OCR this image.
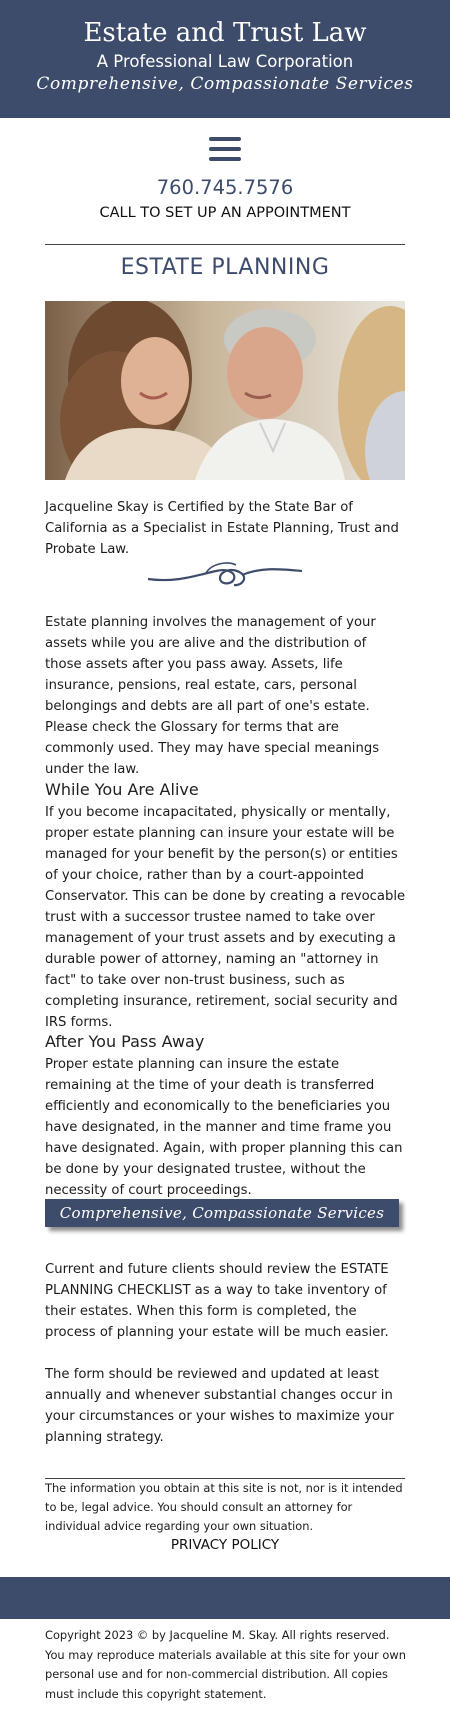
Estate and Trust Law
A Professional Law Corporation
Comprehensive, Compassionate Services
760.745.7576
CALL TO SET UP AN APPOINTMENT
ESTATE PLANNING

Jacqueline Skay is Certified by the State Bar of California as a Specialist in Estate Planning, Trust and Probate Law.

Estate planning involves the management of your assets while you are alive and the distribution of those assets after you pass away. Assets, life insurance, pensions, real estate, cars, personal belongings and debts are all part of one's estate. Please check the Glossary for terms that are commonly used. They may have special meanings under the law.

While You Are Alive

If you become incapacitated, physically or mentally, proper estate planning can insure your estate will be managed for your benefit by the person(s) or entities of your choice, rather than by a court-appointed Conservator. This can be done by creating a revocable trust with a successor trustee named to take over management of your trust assets and by executing a durable power of attorney, naming an "attorney in fact" to take over non-trust business, such as completing insurance, retirement, social security and IRS forms.

After You Pass Away

Proper estate planning can insure the estate remaining at the time of your death is transferred efficiently and economically to the beneficiaries you have designated, in the manner and time frame you have designated. Again, with proper planning this can be done by your designated trustee, without the necessity of court proceedings.

Comprehensive, Compassionate Services

Current and future clients should review the ESTATE PLANNING CHECKLIST as a way to take inventory of their estates. When this form is completed, the process of planning your estate will be much easier.

The form should be reviewed and updated at least annually and whenever substantial changes occur in your circumstances or your wishes to maximize your planning strategy.

The information you obtain at this site is not, nor is it intended to be, legal advice. You should consult an attorney for individual advice regarding your own situation.

PRIVACY POLICY

Copyright 2023 © by Jacqueline M. Skay. All rights reserved. You may reproduce materials available at this site for your own personal use and for non-commercial distribution. All copies must include this copyright statement.
